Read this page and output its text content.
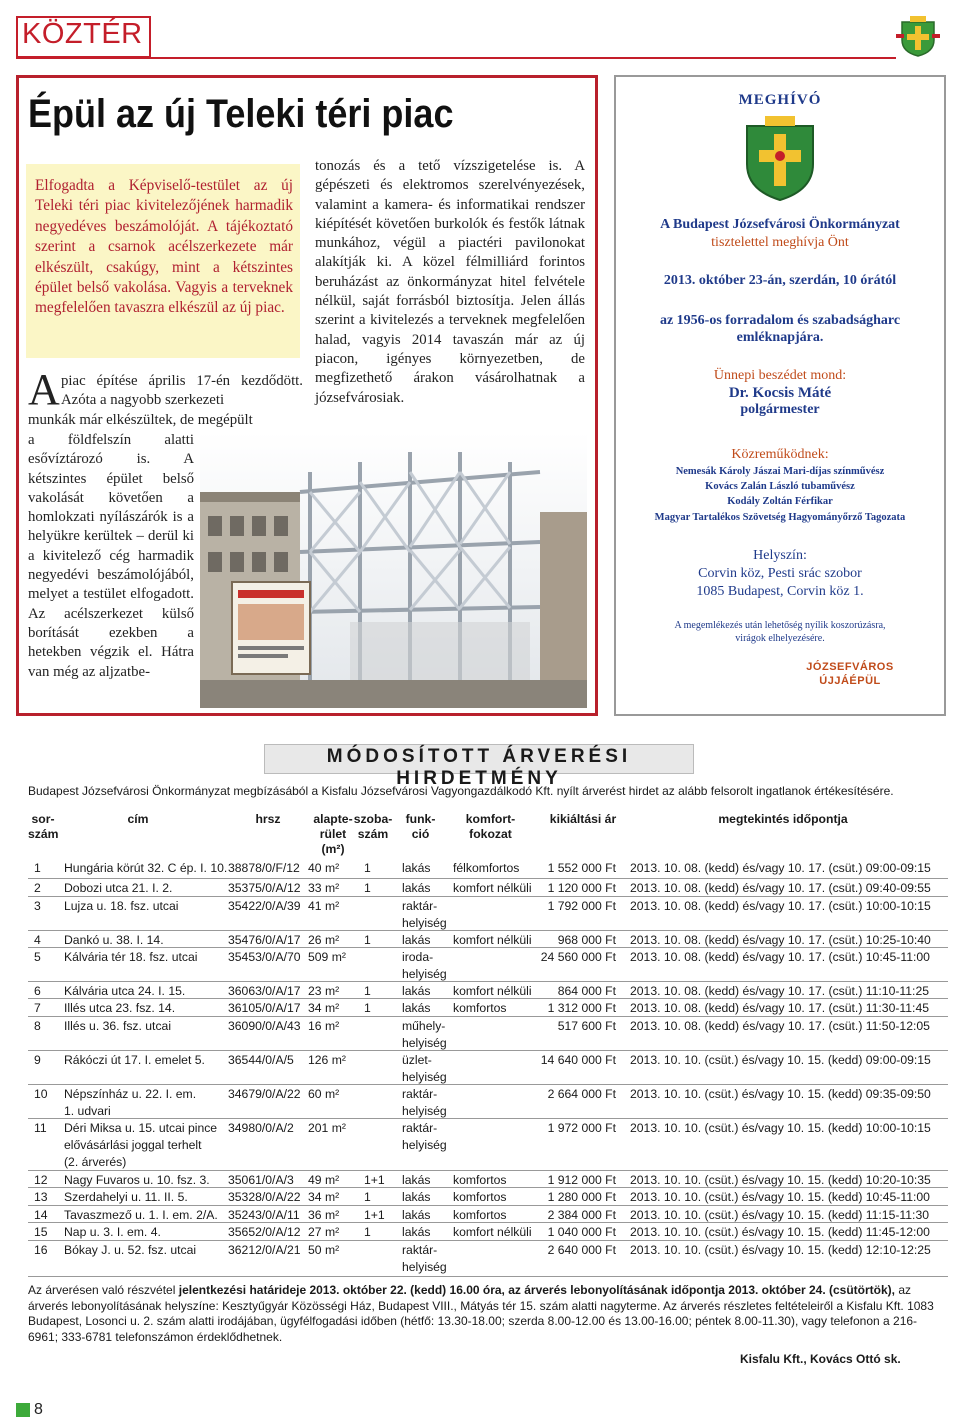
KÖZTÉR
Épül az új Teleki téri piac
Elfogadta a Képviselő-testület az új Teleki téri piac kivitelezőjének harmadik negyedéves beszámolóját. A tájékoztató szerint a csarnok acélszerkezete már elkészült, csakúgy, mint a kétszintes épület belső vakolása. Vagyis a terveknek megfelelően tavaszra elkészül az új piac.
A piac építése április 17-én kezdődött. Azóta a nagyobb szerkezeti
munkák már elkészültek, de megépült
a földfelszín alatti esővíztározó is. A kétszintes épület belső vakolását követően a homlokzati nyílászárók is a helyükre kerültek – derül ki a kivitelező cég harmadik negyedévi beszámolójából, melyet a testület elfogadott. Az acélszerkezet külső borítását ezekben a hetekben végzik el. Hátra van még az aljzatbe-
tonozás és a tető vízszigetelése is. A gépészeti és elektromos szerelvényezések, valamint a kamera- és informatikai rendszer kiépítését követően burkolók és festők látnak munkához, végül a piactéri pavilonokat alakítják ki. A közel félmilliárd forintos beruházást az önkormányzat hitel felvétele nélkül, saját forrásból biztosítja. Jelen állás szerint a kivitelezés a terveknek megfelelően halad, vagyis 2014 tavaszán már az új piacon, igényes környezetben, de megfizethető árakon vásárolhatnak a józsefvárosiak.
MEGHÍVÓ
A Budapest Józsefvárosi Önkormányzat
tisztelettel meghívja Önt
2013. október 23-án, szerdán, 10 órától
az 1956-os forradalom és szabadságharc
emléknapjára.
Ünnepi beszédet mond:
Dr. Kocsis Máté
polgármester
Közreműködnek:
Nemesák Károly Jászai Mari-díjas színművész
Kovács Zalán László tubaművész
Kodály Zoltán Férfikar
Magyar Tartalékos Szövetség Hagyományőrző Tagozata
Helyszín:
Corvin köz, Pesti srác szobor
1085 Budapest, Corvin köz 1.
A megemlékezés után lehetőség nyílik koszorúzásra,
virágok elhelyezésére.
JÓZSEFVÁROS
ÚJJÁÉPÜL
MÓDOSÍTOTT ÁRVERÉSI HIRDETMÉNY
Budapest Józsefvárosi Önkormányzat megbízásából a Kisfalu Józsefvárosi Vagyongazdálkodó Kft. nyílt árverést hirdet az alább felsorolt ingatlanok értékesítésére.
sor-
szám
cím	hrsz	alapte-
rület
(m²)
szoba-
szám
funk-
ció
komfort-
fokozat
kikiáltási ár	megtekintés időpontja
1 Hungária körút 32. C ép. I. 10. 38878/0/F/12 40 m² 1	lakás félkomfortos	1 552 000 Ft 2013. 10. 08. (kedd) és/vagy 10. 17. (csüt.) 09:00-09:15
2 Dobozi utca 21. I. 2.	35375/0/A/12 33 m² 1	lakás komfort nélküli	1 120 000 Ft 2013. 10. 08. (kedd) és/vagy 10. 17. (csüt.) 09:40-09:55
3 Lujza u. 18. fsz. utcai	35422/0/A/39 41 m²	raktár-
helyiség
1 792 000 Ft 2013. 10. 08. (kedd) és/vagy 10. 17. (csüt.) 10:00-10:15
4 Dankó u. 38. I. 14.	35476/0/A/17 26 m² 1	lakás komfort nélküli	968 000 Ft 2013. 10. 08. (kedd) és/vagy 10. 17. (csüt.) 10:25-10:40
5 Kálvária tér 18. fsz. utcai	35453/0/A/70 509 m²	iroda-
helyiség
24 560 000 Ft 2013. 10. 08. (kedd) és/vagy 10. 17. (csüt.) 10:45-11:00
6 Kálvária utca 24. I. 15.	36063/0/A/17 23 m² 1	lakás komfort nélküli	864 000 Ft 2013. 10. 08. (kedd) és/vagy 10. 17. (csüt.) 11:10-11:25
7 Illés utca 23. fsz. 14.	36105/0/A/17 34 m² 1	lakás komfortos	1 312 000 Ft 2013. 10. 08. (kedd) és/vagy 10. 17. (csüt.) 11:30-11:45
8 Illés u. 36. fsz. utcai	36090/0/A/43 16 m²	műhely-
helyiség
517 600 Ft 2013. 10. 08. (kedd) és/vagy 10. 17. (csüt.) 11:50-12:05
9 Rákóczi út 17. I. emelet 5. 36544/0/A/5 126 m²	üzlet-
helyiség
14 640 000 Ft 2013. 10. 10. (csüt.) és/vagy 10. 15. (kedd) 09:00-09:15
10 Népszínház u. 22. I. em.
1. udvari
34679/0/A/22 60 m²	raktár-
helyiség
2 664 000 Ft 2013. 10. 10. (csüt.) és/vagy 10. 15. (kedd) 09:35-09:50
11 Déri Miksa u. 15. utcai pince
elővásárlási joggal terhelt
(2. árverés)
34980/0/A/2 201 m²	raktár-
helyiség
1 972 000 Ft 2013. 10. 10. (csüt.) és/vagy 10. 15. (kedd) 10:00-10:15
12 Nagy Fuvaros u. 10. fsz. 3. 35061/0/A/3 49 m² 1+1 lakás komfortos	1 912 000 Ft 2013. 10. 10. (csüt.) és/vagy 10. 15. (kedd) 10:20-10:35
13 Szerdahelyi u. 11. II. 5.	35328/0/A/22 34 m² 1	lakás komfortos	1 280 000 Ft 2013. 10. 10. (csüt.) és/vagy 10. 15. (kedd) 10:45-11:00
14 Tavaszmező u. 1. I. em. 2/A. 35243/0/A/11 36 m² 1+1 lakás komfortos	2 384 000 Ft 2013. 10. 10. (csüt.) és/vagy 10. 15. (kedd) 11:15-11:30
15 Nap u. 3. I. em. 4.	35652/0/A/12 27 m² 1	lakás komfort nélküli	1 040 000 Ft 2013. 10. 10. (csüt.) és/vagy 10. 15. (kedd) 11:45-12:00
16 Bókay J. u. 52. fsz. utcai	36212/0/A/21 50 m²	raktár-
helyiség
2 640 000 Ft 2013. 10. 10. (csüt.) és/vagy 10. 15. (kedd) 12:10-12:25
Az árverésen való részvétel jelentkezési határideje 2013. október 22. (kedd) 16.00 óra, az árverés lebonyolításának időpontja 2013. október 24. (csütörtök), az árverés lebonyolításának helyszíne: Kesztyűgyár Közösségi Ház, Budapest VIII., Mátyás tér 15. szám alatti nagyterme. Az árverés részletes feltételeiről a Kisfalu Kft. 1083 Budapest, Losonci u. 2. szám alatti irodájában, ügyfélfogadási időben (hétfő: 13.30-18.00; szerda 8.00-12.00 és 13.00-16.00; péntek 8.00-11.30), vagy telefonon a 216-6961; 333-6781 telefonszámon érdeklődhetnek.
Kisfalu Kft., Kovács Ottó sk.
8
